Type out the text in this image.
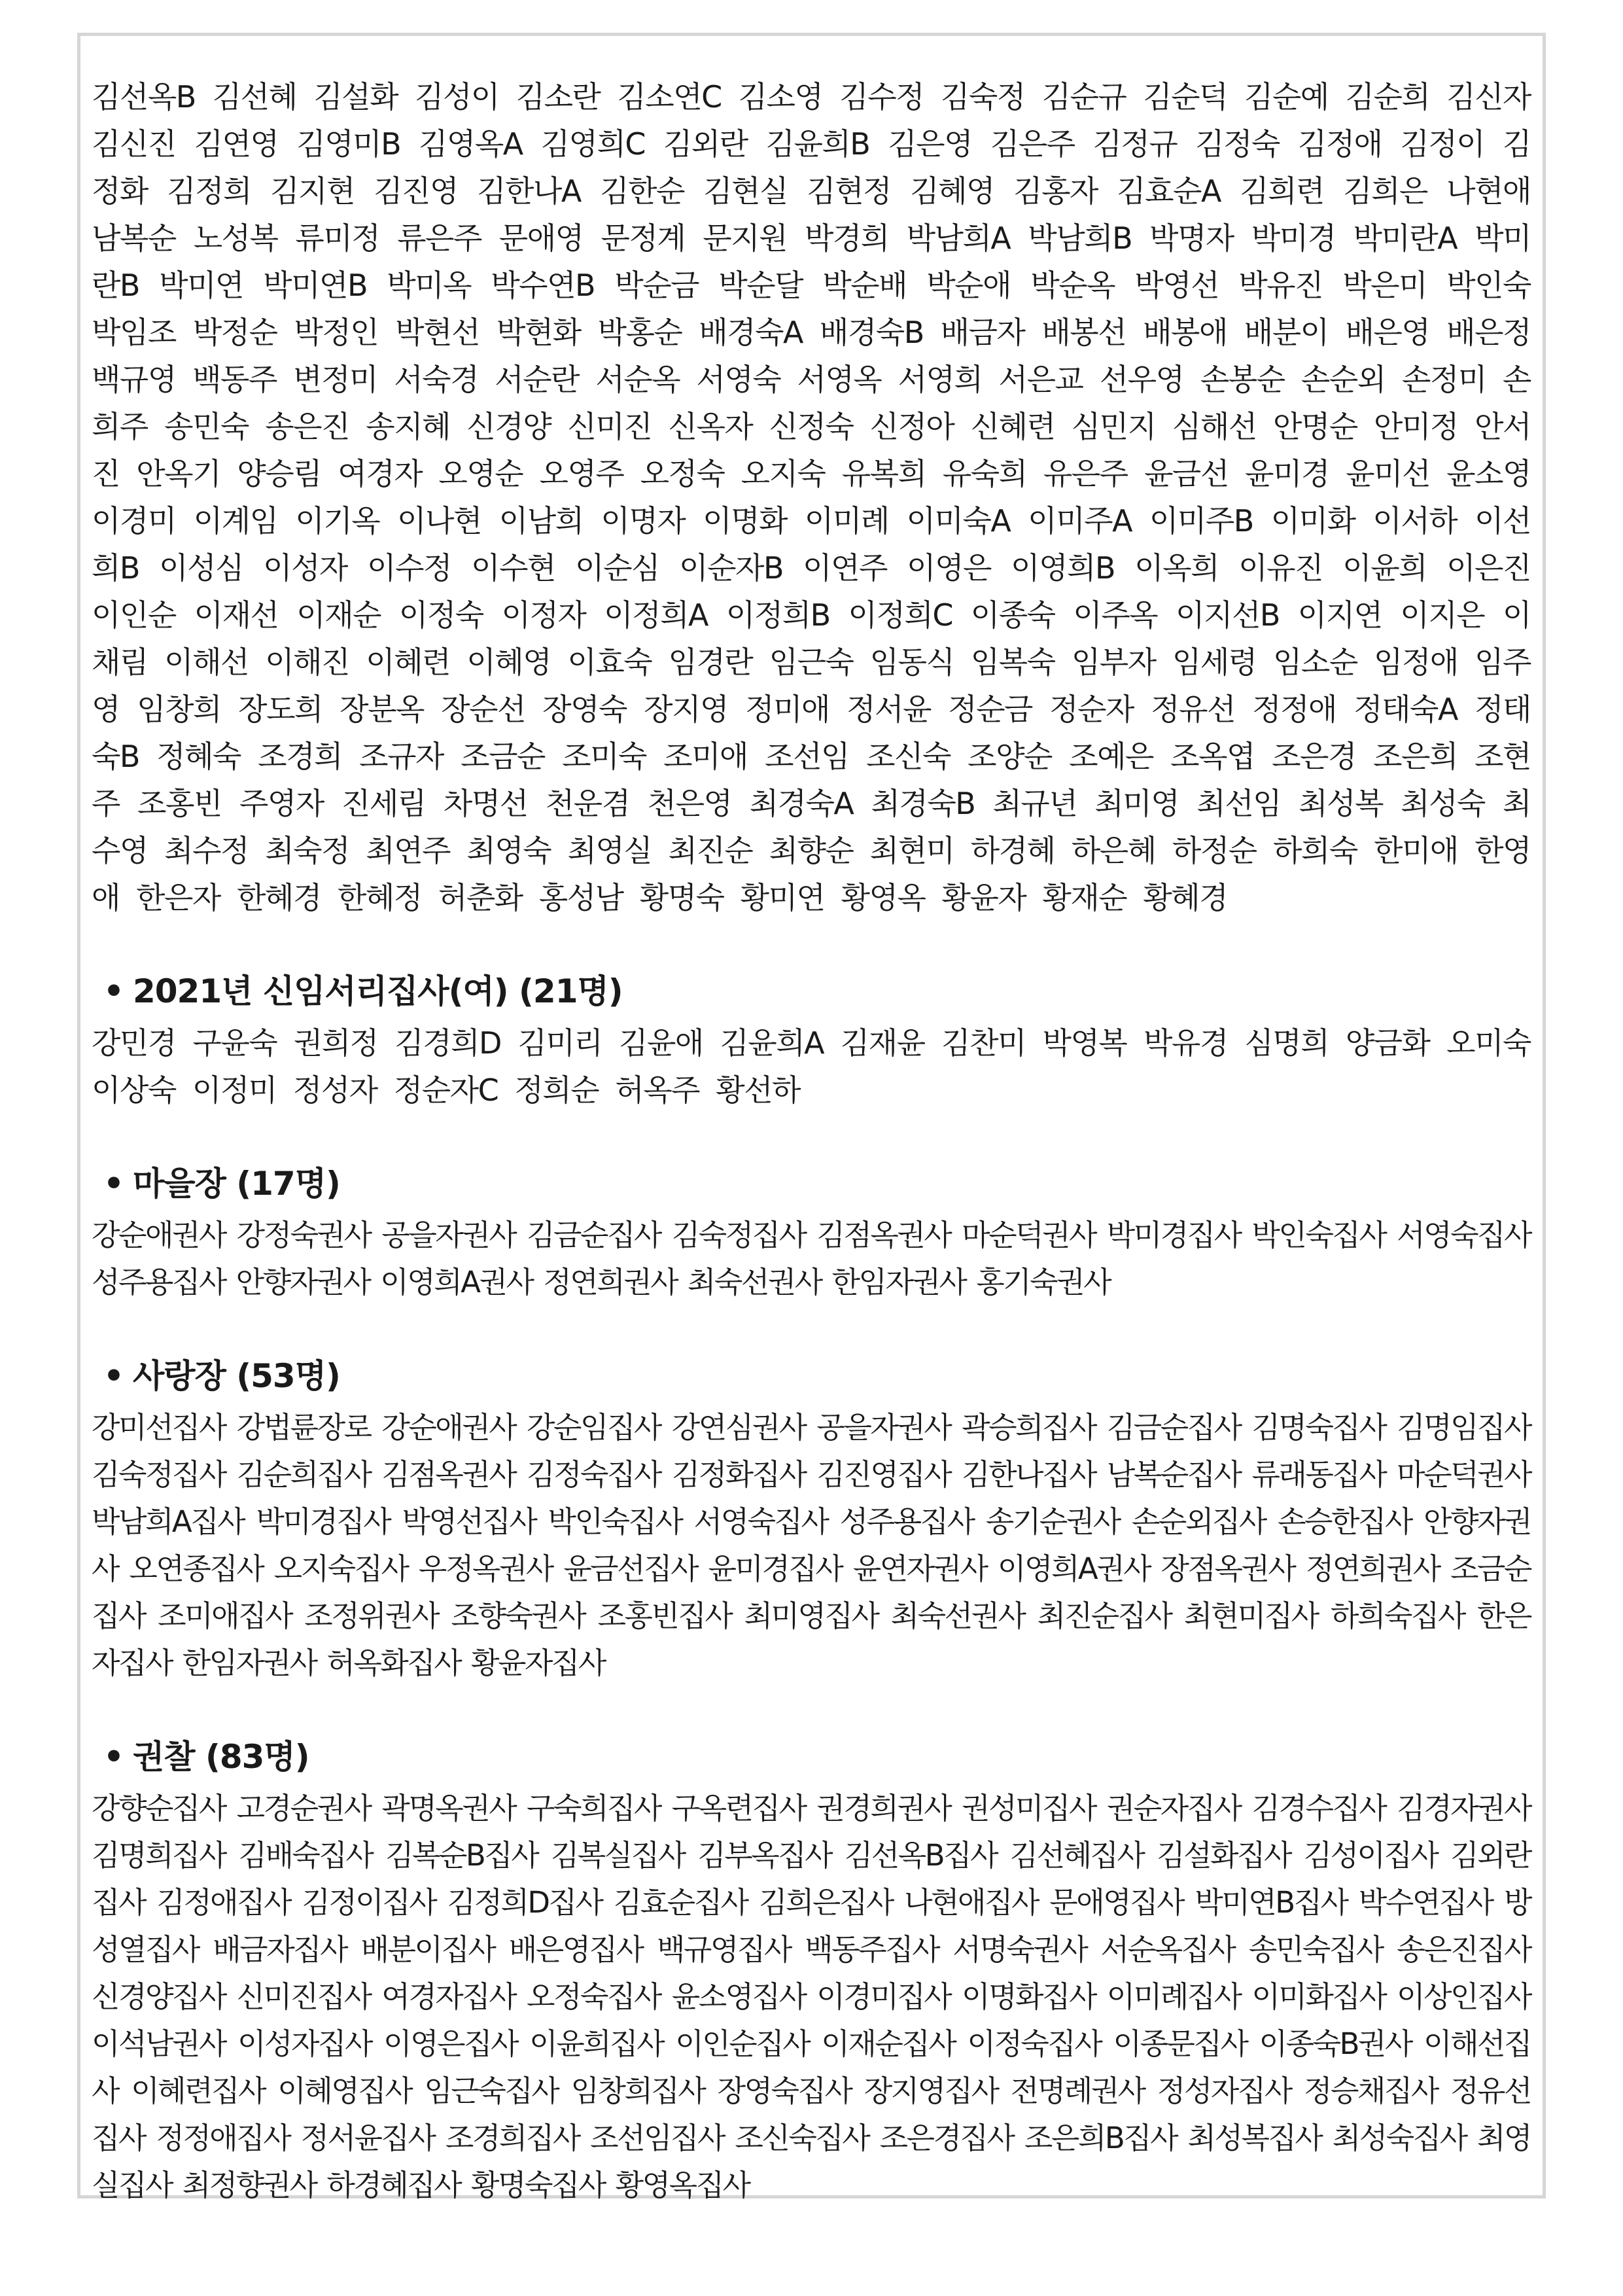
김선옥B 김선혜 김설화 김성이 김소란 김소연C 김소영 김수정 김숙정 김순규 김순덕 김순예 김순희 김신자 김신진 김연영 김영미B 김영옥A 김영희C 김외란 김윤희B 김은영 김은주 김정규 김정숙 김정애 김정이 김정화 김정희 김지현 김진영 김한나A 김한순 김현실 김현정 김혜영 김홍자 김효순A 김희련 김희은 나현애 남복순 노성복 류미정 류은주 문애영 문정계 문지원 박경희 박남희A 박남희B 박명자 박미경 박미란A 박미란B 박미연 박미연B 박미옥 박수연B 박순금 박순달 박순배 박순애 박순옥 박영선 박유진 박은미 박인숙 박임조 박정순 박정인 박현선 박현화 박홍순 배경숙A 배경숙B 배금자 배봉선 배봉애 배분이 배은영 배은정 백규영 백동주 변정미 서숙경 서순란 서순옥 서영숙 서영옥 서영희 서은교 선우영 손봉순 손순외 손정미 손희주 송민숙 송은진 송지혜 신경양 신미진 신옥자 신정숙 신정아 신혜련 심민지 심해선 안명순 안미정 안서진 안옥기 양승림 여경자 오영순 오영주 오정숙 오지숙 유복희 유숙희 유은주 윤금선 윤미경 윤미선 윤소영 이경미 이계임 이기옥 이나현 이남희 이명자 이명화 이미례 이미숙A 이미주A 이미주B 이미화 이서하 이선희B 이성심 이성자 이수정 이수현 이순심 이순자B 이연주 이영은 이영희B 이옥희 이유진 이윤희 이은진 이인순 이재선 이재순 이정숙 이정자 이정희A 이정희B 이정희C 이종숙 이주옥 이지선B 이지연 이지은 이채림 이해선 이해진 이혜련 이혜영 이효숙 임경란 임근숙 임동식 임복숙 임부자 임세령 임소순 임정애 임주영 임창희 장도희 장분옥 장순선 장영숙 장지영 정미애 정서윤 정순금 정순자 정유선 정정애 정태숙A 정태숙B 정혜숙 조경희 조규자 조금순 조미숙 조미애 조선임 조신숙 조양순 조예은 조옥엽 조은경 조은희 조현주 조홍빈 주영자 진세림 차명선 천운겸 천은영 최경숙A 최경숙B 최규년 최미영 최선임 최성복 최성숙 최수영 최수정 최숙정 최연주 최영숙 최영실 최진순 최향순 최현미 하경혜 하은혜 하정순 하희숙 한미애 한영애 한은자 한혜경 한혜정 허춘화 홍성남 황명숙 황미연 황영옥 황윤자 황재순 황혜경

• 2021년 신임서리집사(여) (21명)

강민경 구윤숙 권희정 김경희D 김미리 김윤애 김윤희A 김재윤 김찬미 박영복 박유경 심명희 양금화 오미숙 이상숙 이정미 정성자 정순자C 정희순 허옥주 황선하

• 마을장 (17명)

강순애권사 강정숙권사 공을자권사 김금순집사 김숙정집사 김점옥권사 마순덕권사 박미경집사 박인숙집사 서영숙집사 성주용집사 안향자권사 이영희A권사 정연희권사 최숙선권사 한임자권사 홍기숙권사

• 사랑장 (53명)

강미선집사 강법륜장로 강순애권사 강순임집사 강연심권사 공을자권사 곽승희집사 김금순집사 김명숙집사 김명임집사 김숙정집사 김순희집사 김점옥권사 김정숙집사 김정화집사 김진영집사 김한나집사 남복순집사 류래동집사 마순덕권사 박남희A집사 박미경집사 박영선집사 박인숙집사 서영숙집사 성주용집사 송기순권사 손순외집사 손승한집사 안향자권사 오연종집사 오지숙집사 우정옥권사 윤금선집사 윤미경집사 윤연자권사 이영희A권사 장점옥권사 정연희권사 조금순집사 조미애집사 조정위권사 조향숙권사 조홍빈집사 최미영집사 최숙선권사 최진순집사 최현미집사 하희숙집사 한은자집사 한임자권사 허옥화집사 황윤자집사

• 권찰 (83명)

강향순집사 고경순권사 곽명옥권사 구숙희집사 구옥련집사 권경희권사 권성미집사 권순자집사 김경수집사 김경자권사 김명희집사 김배숙집사 김복순B집사 김복실집사 김부옥집사 김선옥B집사 김선혜집사 김설화집사 김성이집사 김외란집사 김정애집사 김정이집사 김정희D집사 김효순집사 김희은집사 나현애집사 문애영집사 박미연B집사 박수연집사 방성열집사 배금자집사 배분이집사 배은영집사 백규영집사 백동주집사 서명숙권사 서순옥집사 송민숙집사 송은진집사 신경양집사 신미진집사 여경자집사 오정숙집사 윤소영집사 이경미집사 이명화집사 이미례집사 이미화집사 이상인집사 이석남권사 이성자집사 이영은집사 이윤희집사 이인순집사 이재순집사 이정숙집사 이종문집사 이종숙B권사 이해선집사 이혜련집사 이혜영집사 임근숙집사 임창희집사 장영숙집사 장지영집사 전명례권사 정성자집사 정승채집사 정유선집사 정정애집사 정서윤집사 조경희집사 조선임집사 조신숙집사 조은경집사 조은희B집사 최성복집사 최성숙집사 최영실집사 최정향권사 하경혜집사 황명숙집사 황영옥집사
